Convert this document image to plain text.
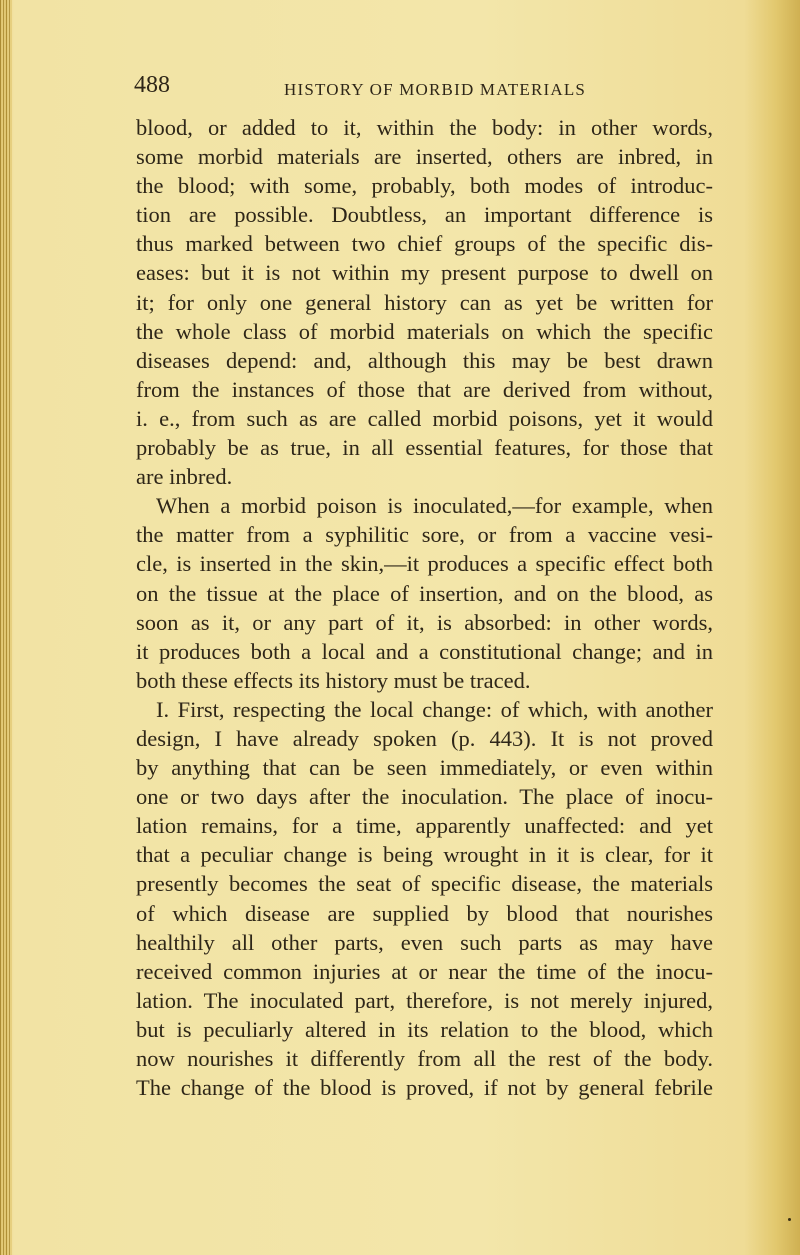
488	HISTORY OF MORBID MATERIALS
blood, or added to it, within the body: in other words,
some morbid materials are inserted, others are inbred, in
the blood; with some, probably, both modes of introduc-
tion are possible. Doubtless, an important difference is
thus marked between two chief groups of the specific dis-
eases: but it is not within my present purpose to dwell on
it; for only one general history can as yet be written for
the whole class of morbid materials on which the specific
diseases depend: and, although this may be best drawn
from the instances of those that are derived from without,
i. e., from such as are called morbid poisons, yet it would
probably be as true, in all essential features, for those that
are inbred.
When a morbid poison is inoculated,—for example, when
the matter from a syphilitic sore, or from a vaccine vesi-
cle, is inserted in the skin,—it produces a specific effect both
on the tissue at the place of insertion, and on the blood, as
soon as it, or any part of it, is absorbed: in other words,
it produces both a local and a constitutional change; and in
both these effects its history must be traced.
I. First, respecting the local change: of which, with another
design, I have already spoken (p. 443). It is not proved
by anything that can be seen immediately, or even within
one or two days after the inoculation. The place of inocu-
lation remains, for a time, apparently unaffected: and yet
that a peculiar change is being wrought in it is clear, for it
presently becomes the seat of specific disease, the materials
of which disease are supplied by blood that nourishes
healthily all other parts, even such parts as may have
received common injuries at or near the time of the inocu-
lation. The inoculated part, therefore, is not merely injured,
but is peculiarly altered in its relation to the blood, which
now nourishes it differently from all the rest of the body.
The change of the blood is proved, if not by general febrile
